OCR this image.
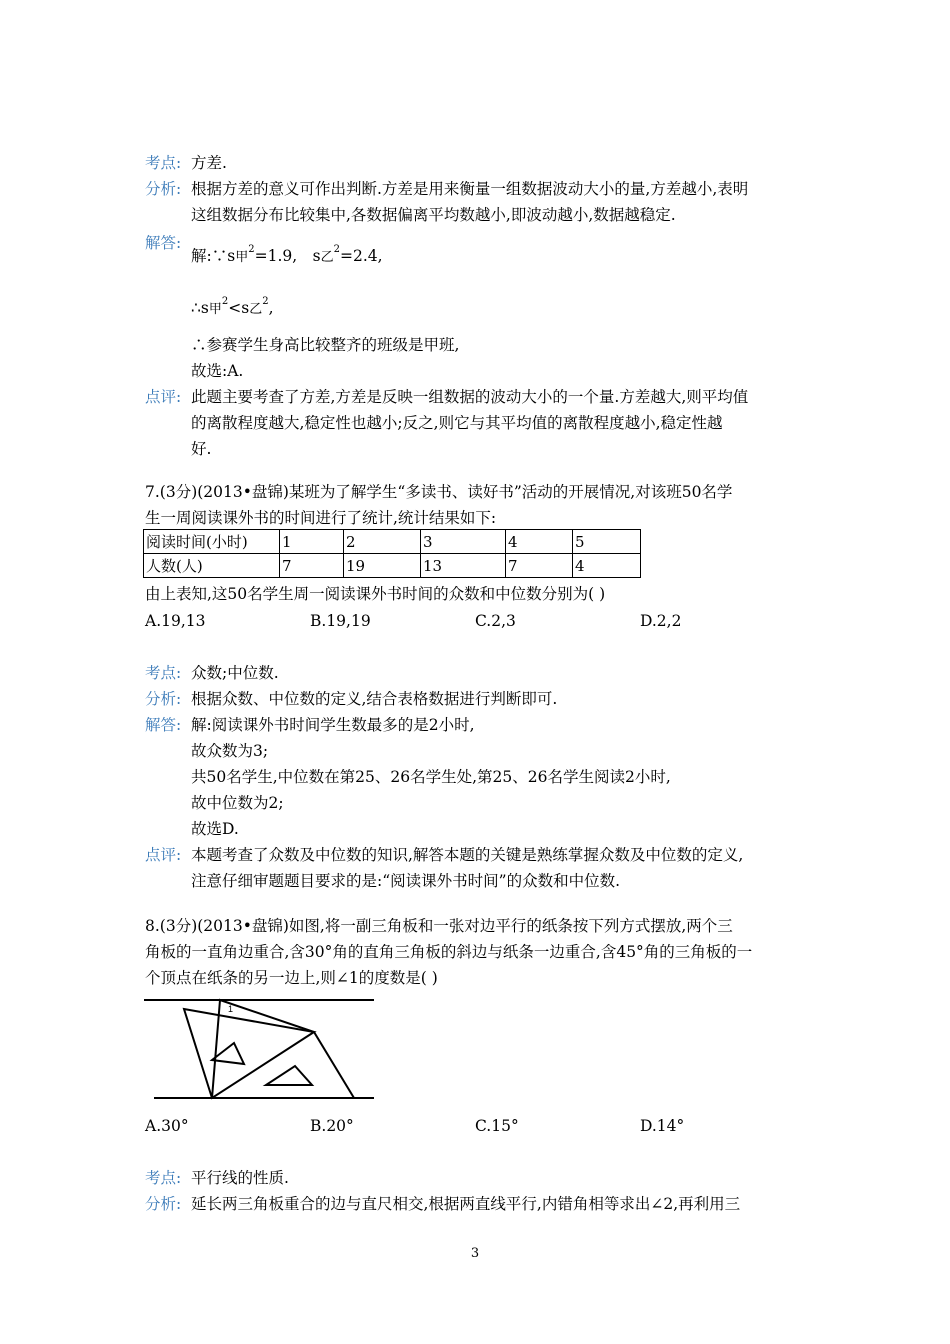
考点: 方差.
分析: 根据方差的意义可作出判断.方差是用来衡量一组数据波动大小的量,方差越小,表明
这组数据分布比较集中,各数据偏离平均数越小,即波动越小,数据越稳定.
解答:
解:∵s甲$^2$=1.9,  s乙$^2$=2.4,
∴s甲$^2$<s乙$^2$,
∴参赛学生身高比较整齐的班级是甲班,
故选:A.
点评: 此题主要考查了方差,方差是反映一组数据的波动大小的一个量.方差越大,则平均值
的离散程度越大,稳定性也越小;反之,则它与其平均值的离散程度越小,稳定性越
好.
7.(3分)(2013•盘锦)某班为了解学生“多读书、读好书”活动的开展情况,对该班50名学
生一周阅读课外书的时间进行了统计,统计结果如下:
阅读时间(小时)	1	2	3	4	5
人数(人)	7	19	13	7	4
由上表知,这50名学生周一阅读课外书时间的众数和中位数分别为( )
A.19,13	B.19,19	C.2,3	D.2,2
考点: 众数;中位数.
分析: 根据众数、中位数的定义,结合表格数据进行判断即可.
解答: 解:阅读课外书时间学生数最多的是2小时,
故众数为3;
共50名学生,中位数在第25、26名学生处,第25、26名学生阅读2小时,
故中位数为2;
故选D.
点评: 本题考查了众数及中位数的知识,解答本题的关键是熟练掌握众数及中位数的定义,
注意仔细审题题目要求的是:“阅读课外书时间”的众数和中位数.
8.(3分)(2013•盘锦)如图,将一副三角板和一张对边平行的纸条按下列方式摆放,两个三
角板的一直角边重合,含30°角的直角三角板的斜边与纸条一边重合,含45°角的三角板的一
个顶点在纸条的另一边上,则∠1的度数是( )
1
A.30°	B.20°	C.15°	D.14°
考点: 平行线的性质.
分析: 延长两三角板重合的边与直尺相交,根据两直线平行,内错角相等求出∠2,再利用三
3
